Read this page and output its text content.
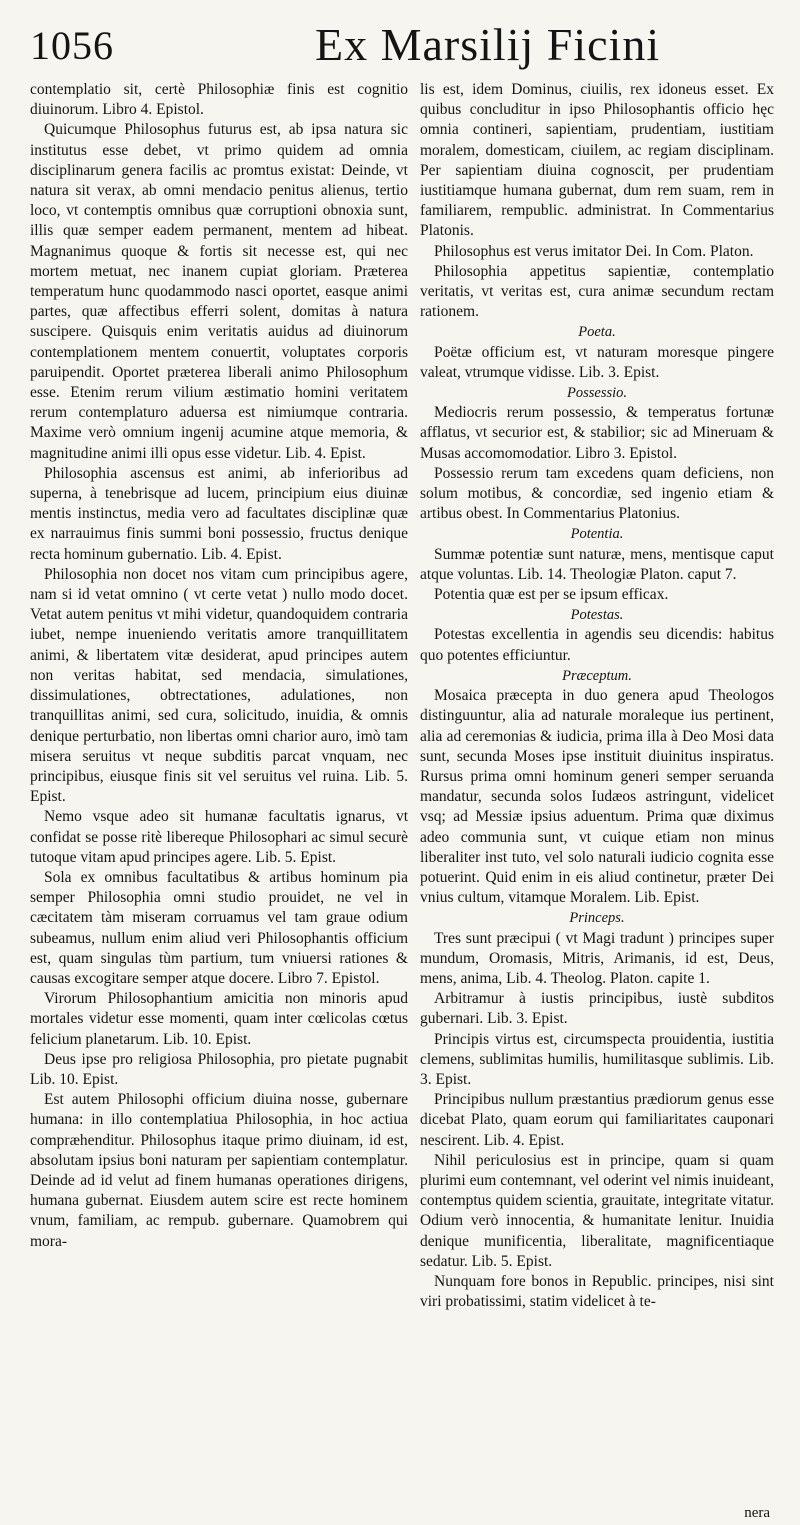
1056	Ex Marsilij Ficini

contemplatio sit, certè Philosophiæ finis est cognitio diuinorum. Libro 4. Epistol.

Quicumque Philosophus futurus est, ab ipsa natura sic institutus esse debet, vt primo quidem ad omnia disciplinarum genera facilis ac promtus existat: Deinde, vt natura sit verax, ab omni mendacio penitus alienus, tertio loco, vt contemptis omnibus quæ corruptioni obnoxia sunt, illis quæ semper eadem permanent, mentem ad hibeat. Magnanimus quoque & fortis sit necesse est, qui nec mortem metuat, nec inanem cupiat gloriam. Præterea temperatum hunc quodammodo nasci oportet, easque animi partes, quæ affectibus efferri solent, domitas à natura suscipere. Quisquis enim veritatis auidus ad diuinorum contemplationem mentem conuertit, voluptates corporis paruipendit. Oportet præterea liberali animo Philosophum esse. Etenim rerum vilium æstimatio homini veritatem rerum contemplaturo aduersa est nimiumque contraria. Maxime verò omnium ingenij acumine atque memoria, & magnitudine animi illi opus esse videtur. Lib. 4. Epist.

Philosophia ascensus est animi, ab inferioribus ad superna, à tenebrisque ad lucem, principium eius diuinæ mentis instinctus, media vero ad facultates disciplinæ quæ ex narrauimus finis summi boni possessio, fructus denique recta hominum gubernatio. Lib. 4. Epist.

Philosophia non docet nos vitam cum principibus agere, nam si id vetat omnino ( vt certe vetat ) nullo modo docet. Vetat autem penitus vt mihi videtur, quandoquidem contraria iubet, nempe inueniendo veritatis amore tranquillitatem animi, & libertatem vitæ desiderat, apud principes autem non veritas habitat, sed mendacia, simulationes, dissimulationes, obtrectationes, adulationes, non tranquillitas animi, sed cura, solicitudo, inuidia, & omnis denique perturbatio, non libertas omni charior auro, imò tam misera seruitus vt neque subditis parcat vnquam, nec principibus, eiusque finis sit vel seruitus vel ruina. Lib. 5. Epist.

Nemo vsque adeo sit humanæ facultatis ignarus, vt confidat se posse ritè libereque Philosophari ac simul securè tutoque vitam apud principes agere. Lib. 5. Epist.

Sola ex omnibus facultatibus & artibus hominum pia semper Philosophia omni studio prouidet, ne vel in cæcitatem tàm miseram corruamus vel tam graue odium subeamus, nullum enim aliud veri Philosophantis officium est, quam singulas tùm partium, tum vniuersi rationes & causas excogitare semper atque docere. Libro 7. Epistol.

Virorum Philosophantium amicitia non minoris apud mortales videtur esse momenti, quam inter cœlicolas cœtus felicium planetarum. Lib. 10. Epist.

Deus ipse pro religiosa Philosophia, pro pietate pugnabit Lib. 10. Epist.

Est autem Philosophi officium diuina nosse, gubernare humana: in illo contemplatiua Philosophia, in hoc actiua compræhenditur. Philosophus itaque primo diuinam, id est, absolutam ipsius boni naturam per sapientiam contemplatur. Deinde ad id velut ad finem humanas operationes dirigens, humana gubernat. Eiusdem autem scire est recte hominem vnum, familiam, ac rempub. gubernare. Quamobrem qui mora-

lis est, idem Dominus, ciuilis, rex idoneus esset. Ex quibus concluditur in ipso Philosophantis officio hęc omnia contineri, sapientiam, prudentiam, iustitiam moralem, domesticam, ciuilem, ac regiam disciplinam. Per sapientiam diuina cognoscit, per prudentiam iustitiamque humana gubernat, dum rem suam, rem in familiarem, rempublic. administrat. In Commentarius Platonis.

Philosophus est verus imitator Dei. In Com. Platon.

Philosophia appetitus sapientiæ, contemplatio veritatis, vt veritas est, cura animæ secundum rectam rationem.

Poeta.

Poëtæ officium est, vt naturam moresque pingere valeat, vtrumque vidisse. Lib. 3. Epist.

Possessio.

Mediocris rerum possessio, & temperatus fortunæ afflatus, vt securior est, & stabilior; sic ad Mineruam & Musas accomomodatior. Libro 3. Epistol.

Possessio rerum tam excedens quam deficiens, non solum motibus, & concordiæ, sed ingenio etiam & artibus obest. In Commentarius Platonius.

Potentia.

Summæ potentiæ sunt naturæ, mens, mentisque caput atque voluntas. Lib. 14. Theologiæ Platon. caput 7.

Potentia quæ est per se ipsum efficax.

Potestas.

Potestas excellentia in agendis seu dicendis: habitus quo potentes efficiuntur.

Præceptum.

Mosaica præcepta in duo genera apud Theologos distinguuntur, alia ad naturale moraleque ius pertinent, alia ad ceremonias & iudicia, prima illa à Deo Mosi data sunt, secunda Moses ipse instituit diuinitus inspiratus. Rursus prima omni hominum generi semper seruanda mandatur, secunda solos Iudæos astringunt, videlicet vsq; ad Messiæ ipsius aduentum. Prima quæ diximus adeo communia sunt, vt cuique etiam non minus liberaliter inst tuto, vel solo naturali iudicio cognita esse potuerint. Quid enim in eis aliud continetur, præter Dei vnius cultum, vitamque Moralem. Lib. Epist.

Princeps.

Tres sunt præcipui ( vt Magi tradunt ) principes super mundum, Oromasis, Mitris, Arimanis, id est, Deus, mens, anima, Lib. 4. Theolog. Platon. capite 1.

Arbitramur à iustis principibus, iustè subditos gubernari. Lib. 3. Epist.

Principis virtus est, circumspecta prouidentia, iustitia clemens, sublimitas humilis, humilitasque sublimis. Lib. 3. Epist.

Principibus nullum præstantius prædiorum genus esse dicebat Plato, quam eorum qui familiaritates cauponari nescirent. Lib. 4. Epist.

Nihil periculosius est in principe, quam si quam plurimi eum contemnant, vel oderint vel nimis inuideant, contemptus quidem scientia, grauitate, integritate vitatur. Odium verò innocentia, & humanitate lenitur. Inuidia denique munificentia, liberalitate, magnificentiaque sedatur. Lib. 5. Epist.

Nunquam fore bonos in Republic. principes, nisi sint viri probatissimi, statim videlicet à te-

nera
